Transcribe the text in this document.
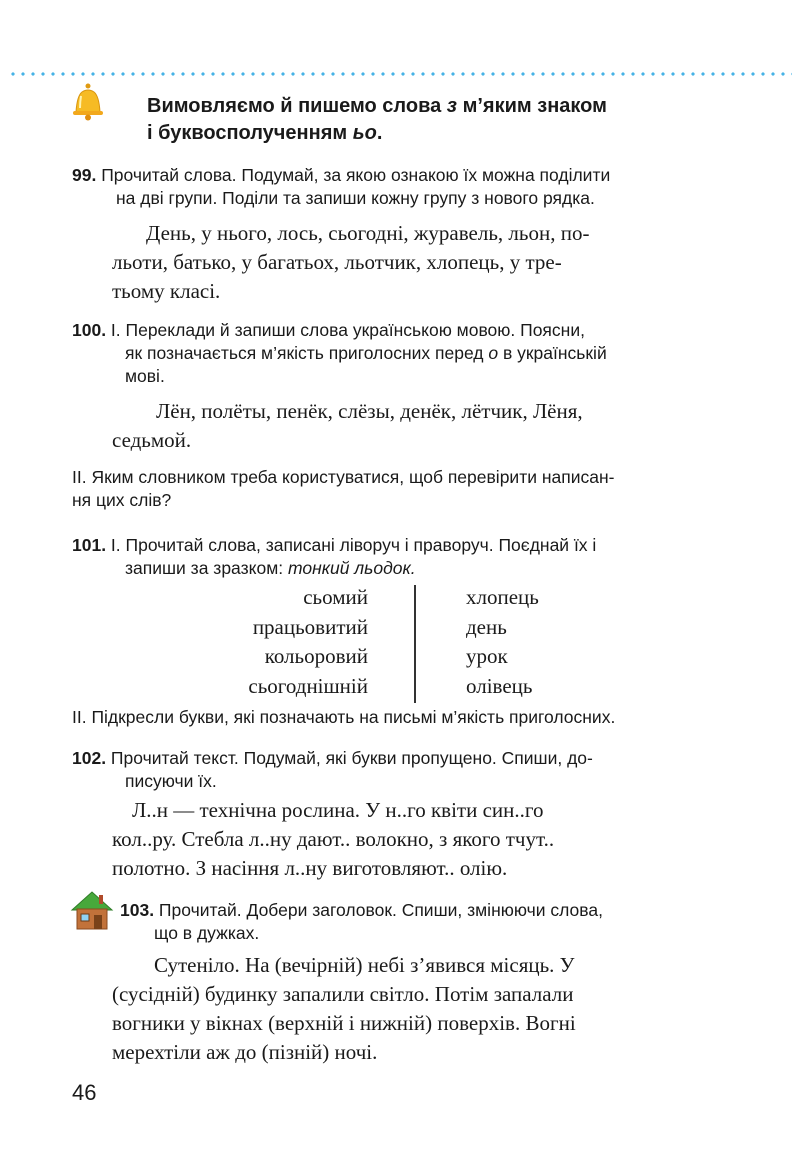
Вимовляємо й пишемо слова з м’яким знаком

і буквосполученням ьо.

99. Прочитай слова. Подумай, за якою ознакою їх можна поділити

на дві групи. Поділи та запиши кожну групу з нового рядка.

День, у нього, лось, сьогодні, журавель, льон, по-

льоти, батько, у багатьох, льотчик, хлопець, у тре-

тьому класі.

100. І. Переклади й запиши слова українською мовою. Поясни,

як позначається м’якість приголосних перед о в українській

мові.

Лён, полёты, пенёк, слёзы, денёк, лётчик, Лёня,

седьмой.

ІІ. Яким словником треба користуватися, щоб перевірити написан-

ня цих слів?

101. І. Прочитай слова, записані ліворуч і праворуч. Поєднай їх і

запиши за зразком: тонкий льодок.

сьомий

працьовитий

кольоровий

сьогоднішній

хлопець

день

урок

олівець

ІІ. Підкресли букви, які позначають на письмі м’якість приголосних.

102. Прочитай текст. Подумай, які букви пропущено. Спиши, до-

писуючи їх.

Л..н — технічна рослина. У н..го квіти син..го

кол..ру. Стебла л..ну дают.. волокно, з якого тчут..

полотно. З насіння л..ну виготовляют.. олію.

103. Прочитай. Добери заголовок. Спиши, змінюючи слова,

що в дужках.

Сутеніло. На (вечірній) небі з’явився місяць. У

(сусідній) будинку запалили світло. Потім запалали

вогники у вікнах (верхній і нижній) поверхів. Вогні

мерехтіли аж до (пізній) ночі.

46
